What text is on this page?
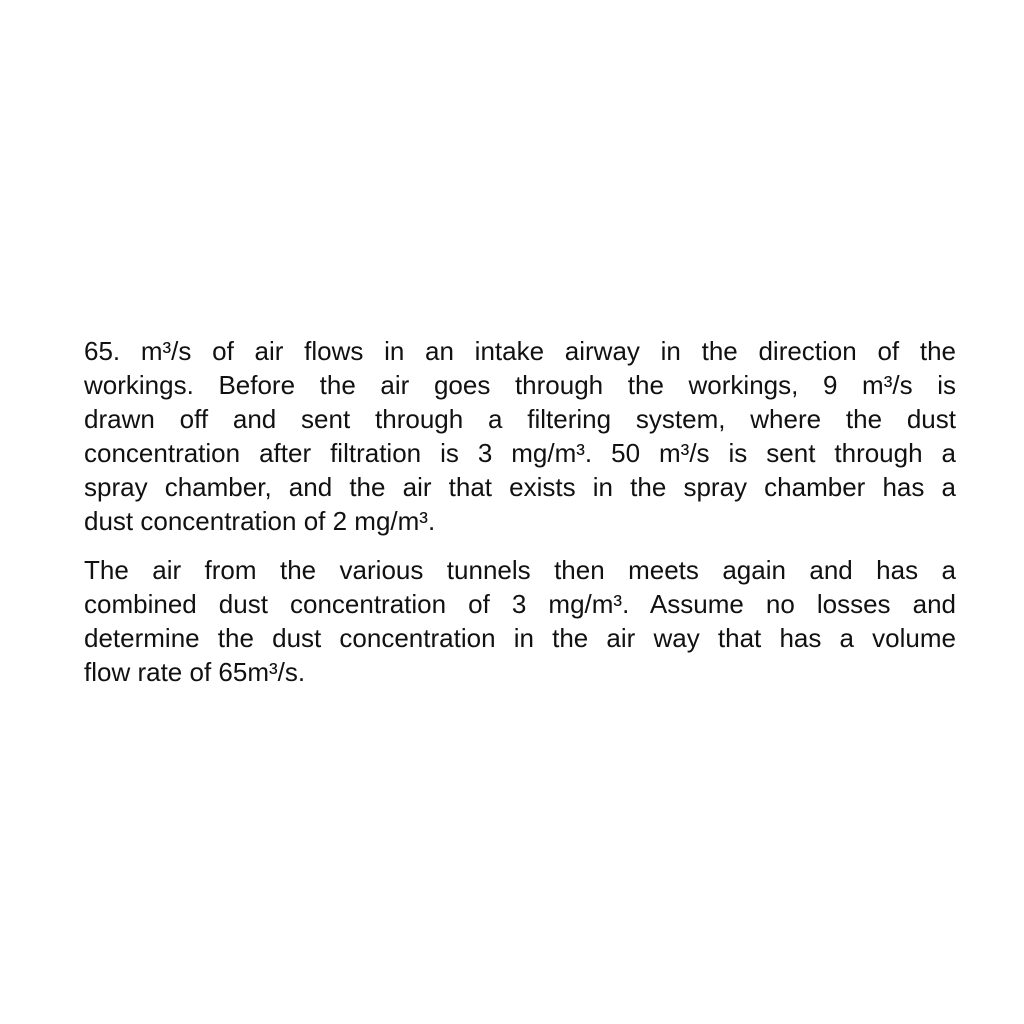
65. m³/s of air flows in an intake airway in the direction of the
workings. Before the air goes through the workings, 9 m³/s is
drawn off and sent through a filtering system, where the dust
concentration after filtration is 3 mg/m³. 50 m³/s is sent through a
spray chamber, and the air that exists in the spray chamber has a
dust concentration of 2 mg/m³.

The air from the various tunnels then meets again and has a
combined dust concentration of 3 mg/m³. Assume no losses and
determine the dust concentration in the air way that has a volume
flow rate of 65m³/s.
